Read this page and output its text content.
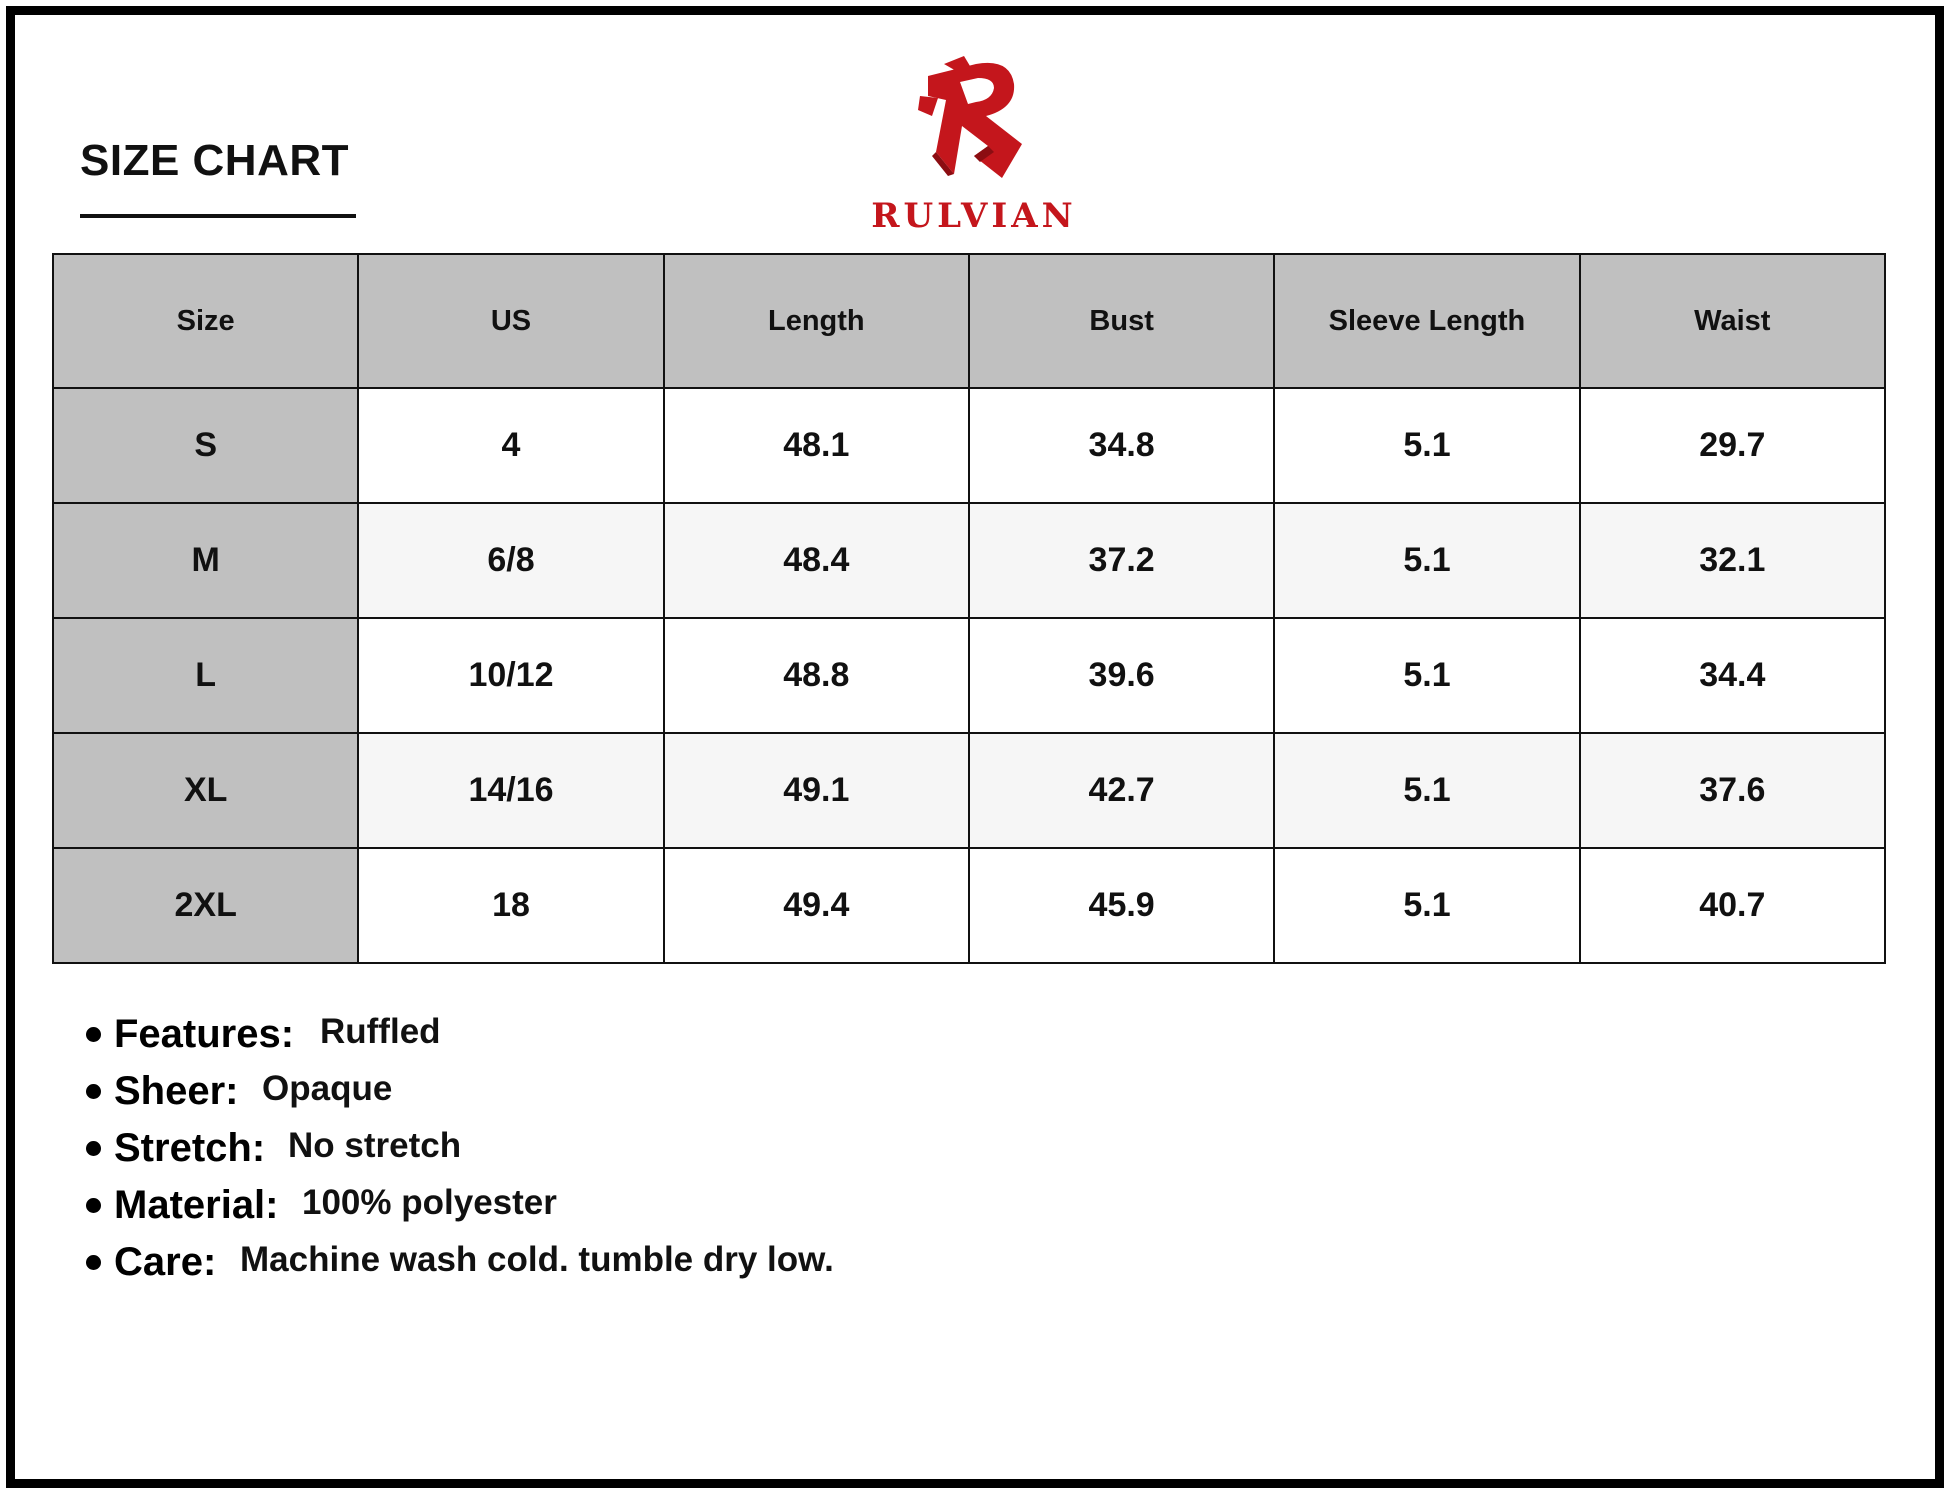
SIZE CHART
RULVIAN
Size	US	Length	Bust	Sleeve Length	Waist
S	4	48.1	34.8	5.1	29.7
M	6/8	48.4	37.2	5.1	32.1
L	10/12	48.8	39.6	5.1	34.4
XL	14/16	49.1	42.7	5.1	37.6
2XL	18	49.4	45.9	5.1	40.7
Features: Ruffled
Sheer: Opaque
Stretch: No stretch
Material: 100% polyester
Care: Machine wash cold. tumble dry low.
